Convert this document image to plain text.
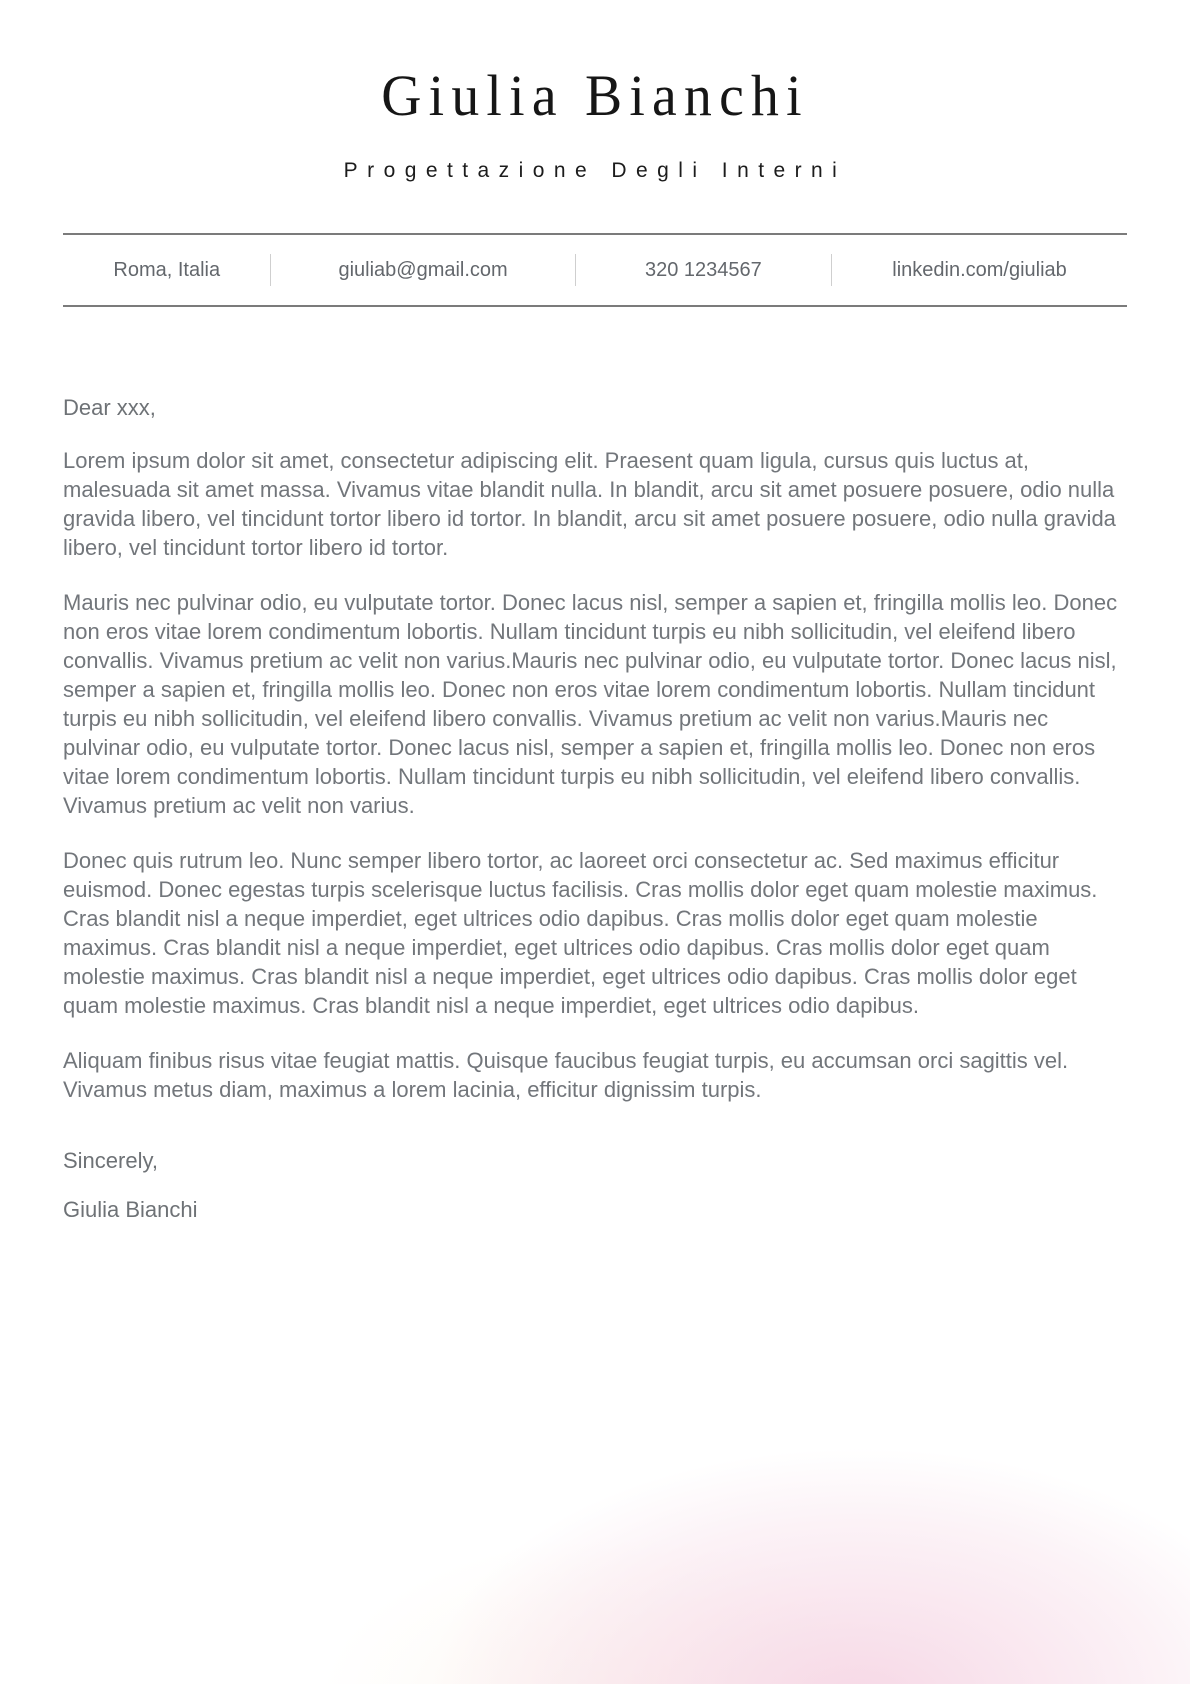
Giulia Bianchi
Progettazione Degli Interni
Roma, Italia	giuliab@gmail.com	320 1234567	linkedin.com/giuliab

Dear xxx,

Lorem ipsum dolor sit amet, consectetur adipiscing elit. Praesent quam ligula, cursus quis luctus at, malesuada sit amet massa. Vivamus vitae blandit nulla. In blandit, arcu sit amet posuere posuere, odio nulla gravida libero, vel tincidunt tortor libero id tortor. In blandit, arcu sit amet posuere posuere, odio nulla gravida libero, vel tincidunt tortor libero id tortor.

Mauris nec pulvinar odio, eu vulputate tortor. Donec lacus nisl, semper a sapien et, fringilla mollis leo. Donec non eros vitae lorem condimentum lobortis. Nullam tincidunt turpis eu nibh sollicitudin, vel eleifend libero convallis. Vivamus pretium ac velit non varius.Mauris nec pulvinar odio, eu vulputate tortor. Donec lacus nisl, semper a sapien et, fringilla mollis leo. Donec non eros vitae lorem condimentum lobortis. Nullam tincidunt turpis eu nibh sollicitudin, vel eleifend libero convallis. Vivamus pretium ac velit non varius.Mauris nec pulvinar odio, eu vulputate tortor. Donec lacus nisl, semper a sapien et, fringilla mollis leo. Donec non eros vitae lorem condimentum lobortis. Nullam tincidunt turpis eu nibh sollicitudin, vel eleifend libero convallis. Vivamus pretium ac velit non varius.

Donec quis rutrum leo. Nunc semper libero tortor, ac laoreet orci consectetur ac. Sed maximus efficitur euismod. Donec egestas turpis scelerisque luctus facilisis. Cras mollis dolor eget quam molestie maximus. Cras blandit nisl a neque imperdiet, eget ultrices odio dapibus. Cras mollis dolor eget quam molestie maximus. Cras blandit nisl a neque imperdiet, eget ultrices odio dapibus. Cras mollis dolor eget quam molestie maximus. Cras blandit nisl a neque imperdiet, eget ultrices odio dapibus. Cras mollis dolor eget quam molestie maximus. Cras blandit nisl a neque imperdiet, eget ultrices odio dapibus.

Aliquam finibus risus vitae feugiat mattis. Quisque faucibus feugiat turpis, eu accumsan orci sagittis vel. Vivamus metus diam, maximus a lorem lacinia, efficitur dignissim turpis.

Sincerely,

Giulia Bianchi
